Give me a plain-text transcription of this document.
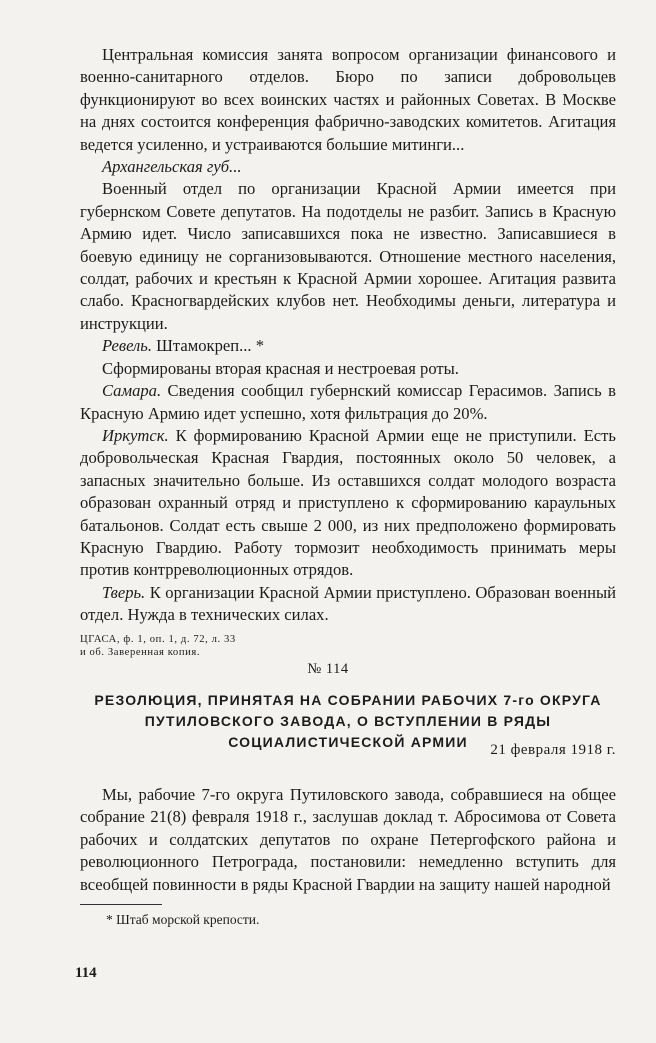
Центральная комиссия занята вопросом организации финансового и военно-санитарного отделов. Бюро по записи добровольцев функционируют во всех воинских частях и районных Советах. В Москве на днях состоится конференция фабрично-заводских комитетов. Агитация ведется усиленно, и устраиваются большие митинги...

Архангельская губ...

Военный отдел по организации Красной Армии имеется при губернском Совете депутатов. На подотделы не разбит. Запись в Красную Армию идет. Число записавшихся пока не известно. Записавшиеся в боевую единицу не сорганизовываются. Отношение местного населения, солдат, рабочих и крестьян к Красной Армии хорошее. Агитация развита слабо. Красногвардейских клубов нет. Необходимы деньги, литература и инструкции.

Ревель. Штамокреп... *

Сформированы вторая красная и нестроевая роты.

Самара. Сведения сообщил губернский комиссар Герасимов. Запись в Красную Армию идет успешно, хотя фильтрация до 20%.

Иркутск. К формированию Красной Армии еще не приступили. Есть добровольческая Красная Гвардия, постоянных около 50 человек, а запасных значительно больше. Из оставшихся солдат молодого возраста образован охранный отряд и приступлено к сформированию караульных батальонов. Солдат есть свыше 2 000, из них предположено формировать Красную Гвардию. Работу тормозит необходимость принимать меры против контрреволюционных отрядов.

Тверь. К организации Красной Армии приступлено. Образован военный отдел. Нужда в технических силах.

ЦГАСА, ф. 1, оп. 1, д. 72, л. 33
и об. Заверенная копия.
№ 114
РЕЗОЛЮЦИЯ, ПРИНЯТАЯ НА СОБРАНИИ РАБОЧИХ 7-го ОКРУГА ПУТИЛОВСКОГО ЗАВОДА, О ВСТУПЛЕНИИ В РЯДЫ СОЦИАЛИСТИЧЕСКОЙ АРМИИ	21 февраля 1918 г.

Мы, рабочие 7-го округа Путиловского завода, собравшиеся на общее собрание 21(8) февраля 1918 г., заслушав доклад т. Абросимова от Совета рабочих и солдатских депутатов по охране Петергофского района и революционного Петрограда, постановили: немедленно вступить для всеобщей повинности в ряды Красной Гвардии на защиту нашей народной

* Штаб морской крепости.
114
